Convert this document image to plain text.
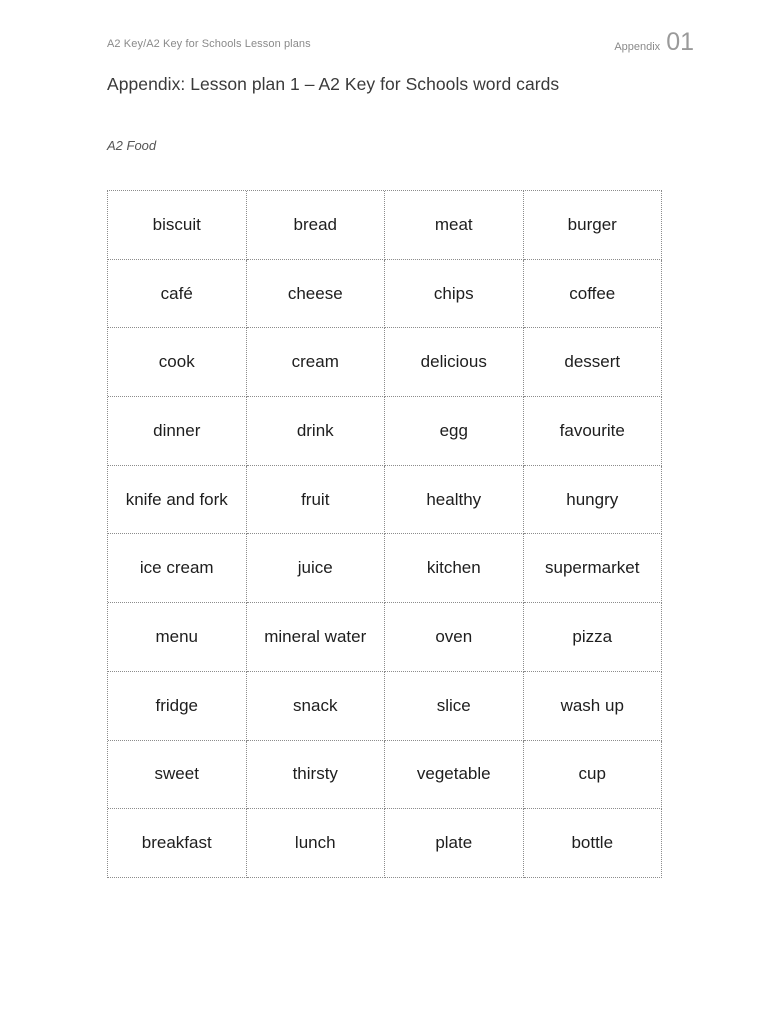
A2 Key/A2 Key for Schools Lesson plans	Appendix 01
Appendix: Lesson plan 1 – A2 Key for Schools word cards
A2 Food
biscuit	bread	meat	burger
café	cheese	chips	coffee
cook	cream	delicious	dessert
dinner	drink	egg	favourite
knife and fork	fruit	healthy	hungry
ice cream	juice	kitchen	supermarket
menu	mineral water	oven	pizza
fridge	snack	slice	wash up
sweet	thirsty	vegetable	cup
breakfast	lunch	plate	bottle
